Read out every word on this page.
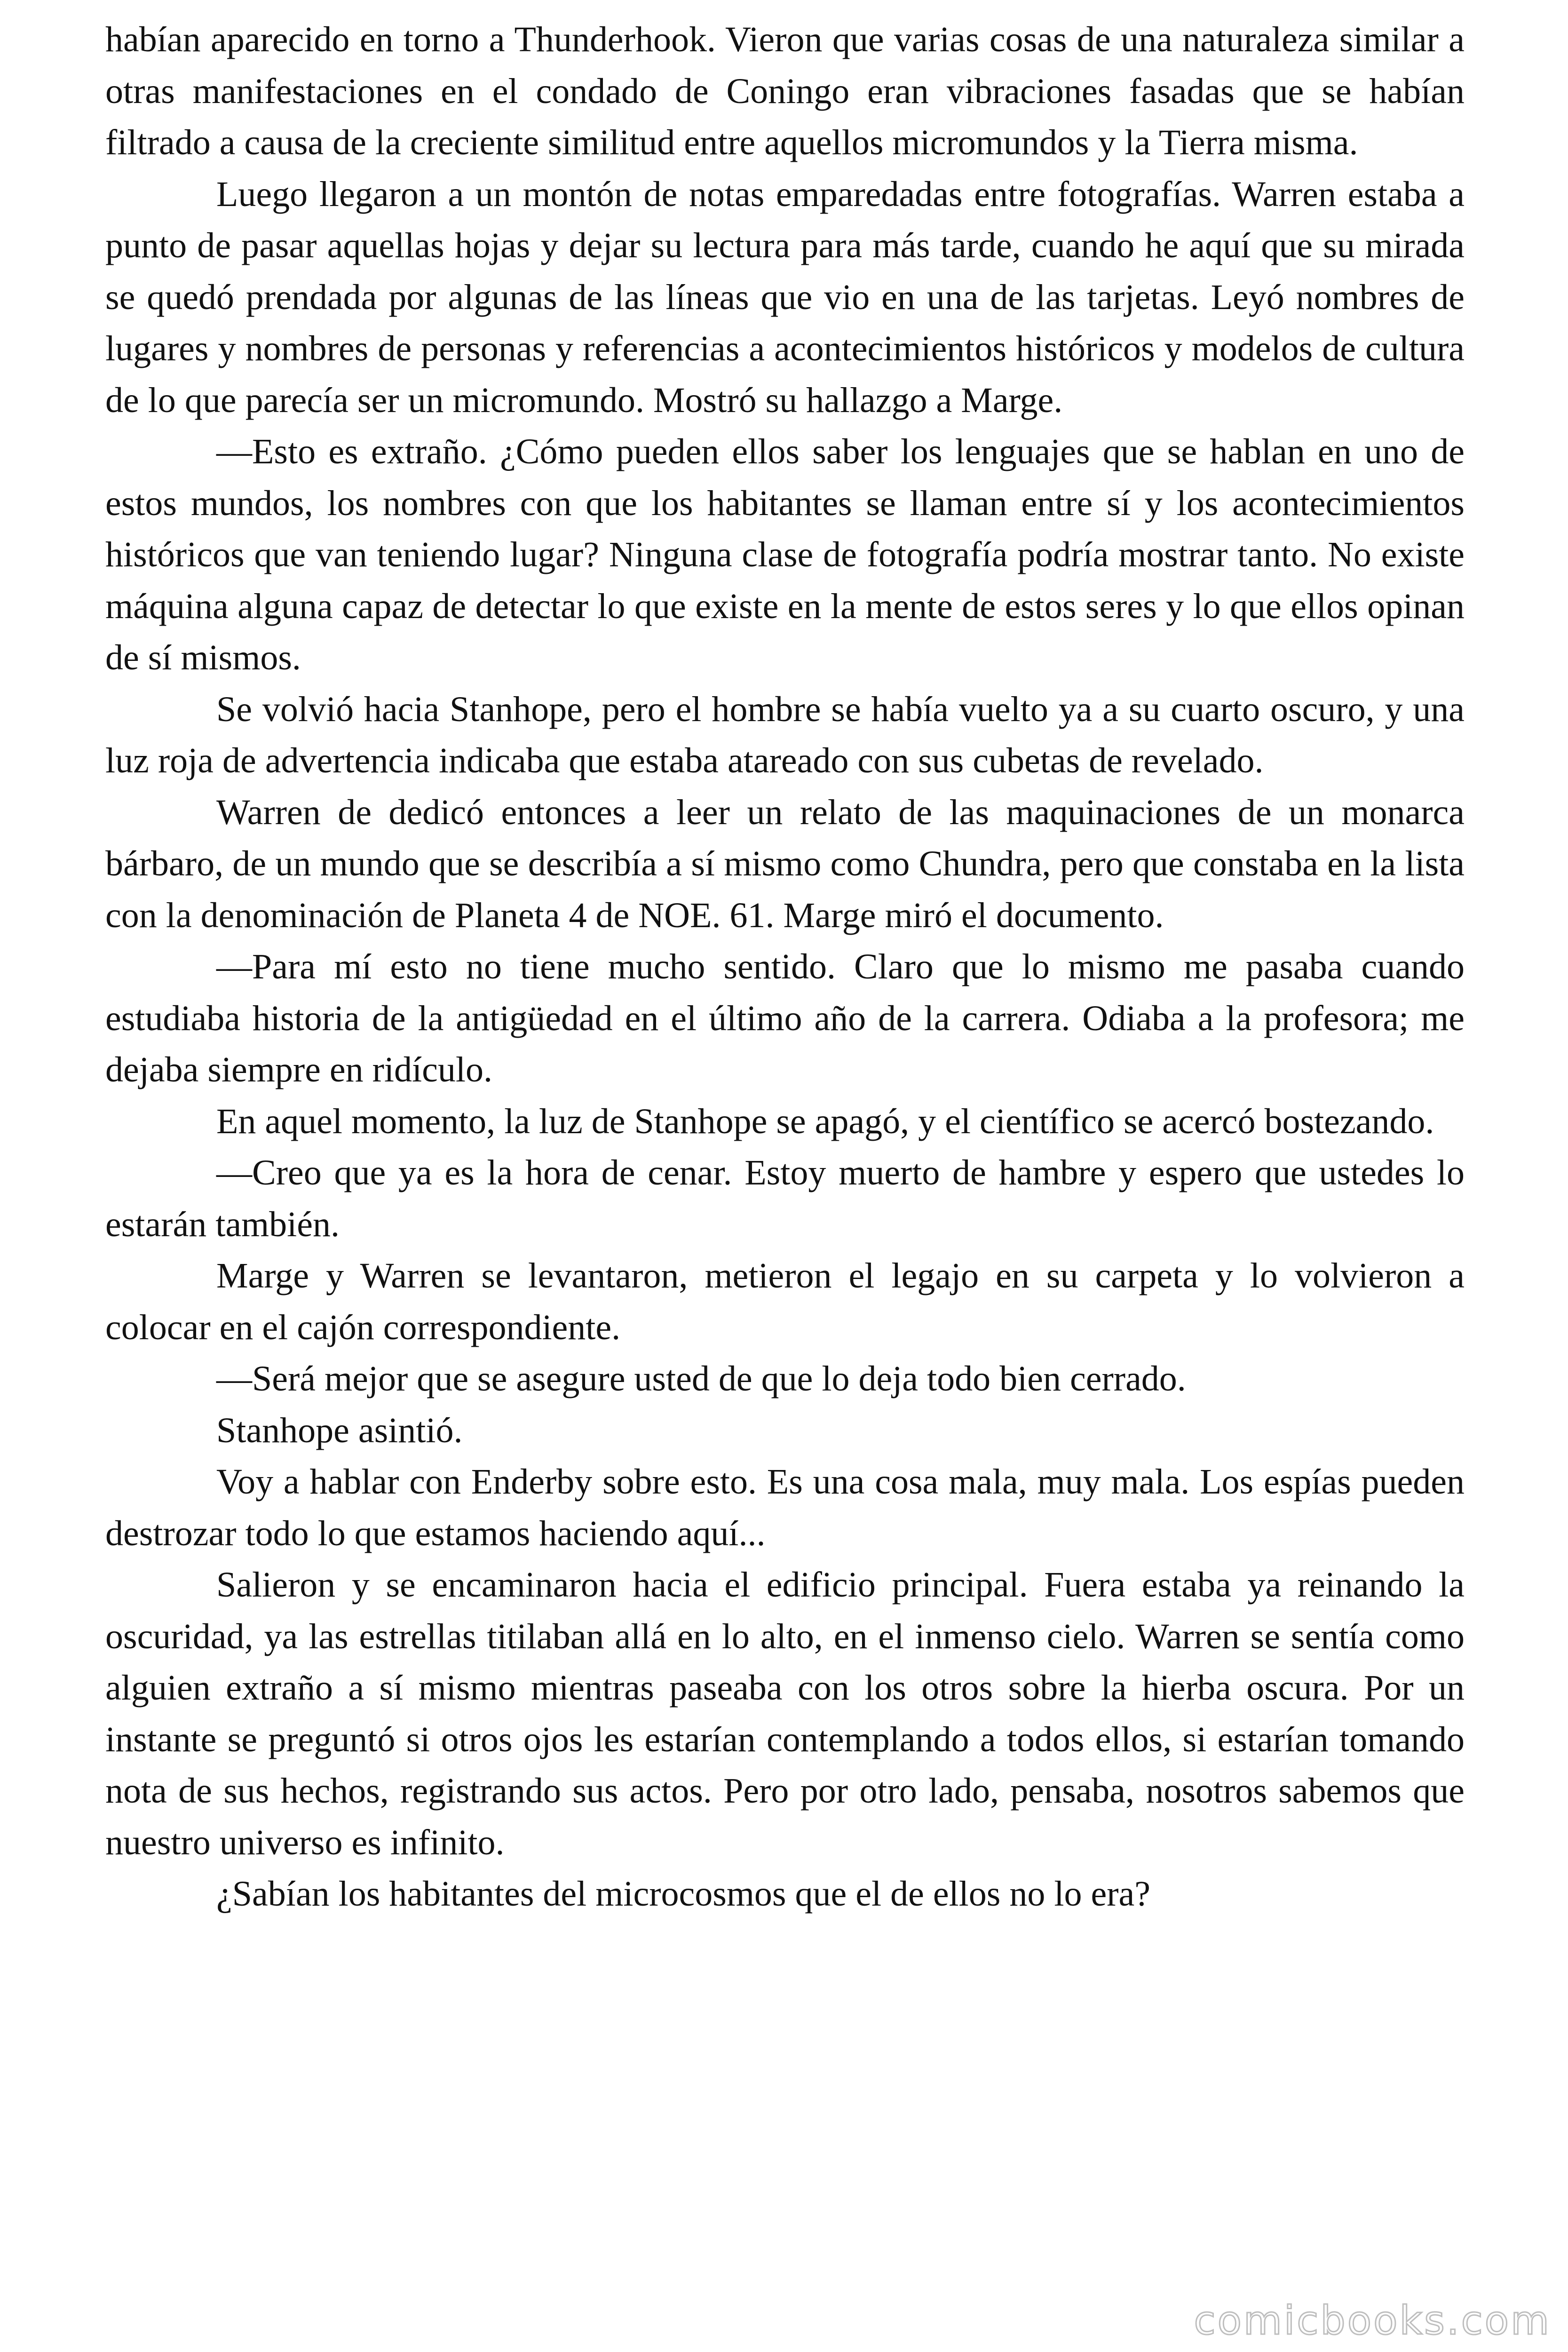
habían aparecido en torno a Thunderhook. Vieron que varias cosas de una naturaleza similar a otras manifestaciones en el condado de Coningo eran vibraciones fasadas que se habían filtrado a causa de la creciente similitud entre aquellos micromundos y la Tierra misma.

Luego llegaron a un montón de notas emparedadas entre fotografías. Warren estaba a punto de pasar aquellas hojas y dejar su lectura para más tarde, cuando he aquí que su mirada se quedó prendada por algunas de las líneas que vio en una de las tarjetas. Leyó nombres de lugares y nombres de personas y referencias a acontecimientos históricos y modelos de cultura de lo que parecía ser un micromundo. Mostró su hallazgo a Marge.

—Esto es extraño. ¿Cómo pueden ellos saber los lenguajes que se hablan en uno de estos mundos, los nombres con que los habitantes se llaman entre sí y los acontecimientos históricos que van teniendo lugar? Ninguna clase de fotografía podría mostrar tanto. No existe máquina alguna capaz de detectar lo que existe en la mente de estos seres y lo que ellos opinan de sí mismos.

Se volvió hacia Stanhope, pero el hombre se había vuelto ya a su cuarto oscuro, y una luz roja de advertencia indicaba que estaba atareado con sus cubetas de revelado.

Warren de dedicó entonces a leer un relato de las maquinaciones de un monarca bárbaro, de un mundo que se describía a sí mismo como Chundra, pero que constaba en la lista con la denominación de Planeta 4 de NOE. 61. Marge miró el documento.

—Para mí esto no tiene mucho sentido. Claro que lo mismo me pasaba cuando estudiaba historia de la antigüedad en el último año de la carrera. Odiaba a la profesora; me dejaba siempre en ridículo.

En aquel momento, la luz de Stanhope se apagó, y el científico se acercó bostezando.

—Creo que ya es la hora de cenar. Estoy muerto de hambre y espero que ustedes lo estarán también.

Marge y Warren se levantaron, metieron el legajo en su carpeta y lo volvieron a colocar en el cajón correspondiente.

—Será mejor que se asegure usted de que lo deja todo bien cerrado.

Stanhope asintió.

Voy a hablar con Enderby sobre esto. Es una cosa mala, muy mala. Los espías pueden destrozar todo lo que estamos haciendo aquí...

Salieron y se encaminaron hacia el edificio principal. Fuera estaba ya reinando la oscuridad, ya las estrellas titilaban allá en lo alto, en el inmenso cielo. Warren se sentía como alguien extraño a sí mismo mientras paseaba con los otros sobre la hierba oscura. Por un instante se preguntó si otros ojos les estarían contemplando a todos ellos, si estarían tomando nota de sus hechos, registrando sus actos. Pero por otro lado, pensaba, nosotros sabemos que nuestro universo es infinito.

¿Sabían los habitantes del microcosmos que el de ellos no lo era?

comicbooks.com
